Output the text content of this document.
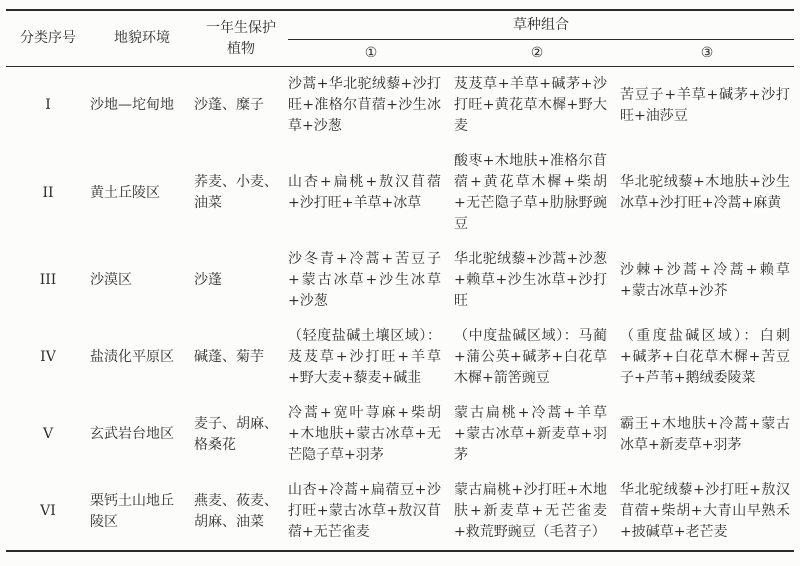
分类序号	地貌环境	一年生保护植物	草种组合		
			①	②	③
I	沙地—坨甸地	沙蓬、糜子	沙蒿+华北驼绒藜+沙打旺+准格尔苜蓿+沙生冰草+沙葱	芨芨草+羊草+碱茅+沙打旺+黄花草木樨+野大麦	苦豆子+羊草+碱茅+沙打旺+油莎豆
II	黄土丘陵区	荞麦、小麦、油菜	山杏+扁桃+敖汉苜蓿+沙打旺+羊草+冰草	酸枣+木地肤+准格尔苜蓿+黄花草木樨+柴胡+无芒隐子草+肋脉野豌豆	华北驼绒藜+木地肤+沙生冰草+沙打旺+冷蒿+麻黄
III	沙漠区	沙蓬	沙冬青+冷蒿+苦豆子+蒙古冰草+沙生冰草+沙葱	华北驼绒藜+沙蒿+沙葱+赖草+沙生冰草+沙打旺	沙棘+沙蒿+冷蒿+赖草+蒙古冰草+沙芥
IV	盐渍化平原区	碱蓬、菊芋	（轻度盐碱土壤区域）：芨芨草+沙打旺+羊草+野大麦+藜麦+碱韭	（中度盐碱区域）：马蔺+蒲公英+碱茅+白花草木樨+箭筈豌豆	（重度盐碱区域）：白刺+碱茅+白花草木樨+苦豆子+芦苇+鹅绒委陵菜
V	玄武岩台地区	麦子、胡麻、格桑花	冷蒿+宽叶荨麻+柴胡+木地肤+蒙古冰草+无芒隐子草+羽茅	蒙古扁桃+冷蒿+羊草+蒙古冰草+新麦草+羽茅	霸王+木地肤+冷蒿+蒙古冰草+新麦草+羽茅
VI	栗钙土山地丘陵区	燕麦、莜麦、胡麻、油菜	山杏+冷蒿+扁蓿豆+沙打旺+蒙古冰草+敖汉苜蓿+无芒雀麦	蒙古扁桃+沙打旺+木地肤+新麦草+无芒雀麦+救荒野豌豆（毛苕子）	华北驼绒藜+沙打旺+敖汉苜蓿+柴胡+大青山早熟禾+披碱草+老芒麦
